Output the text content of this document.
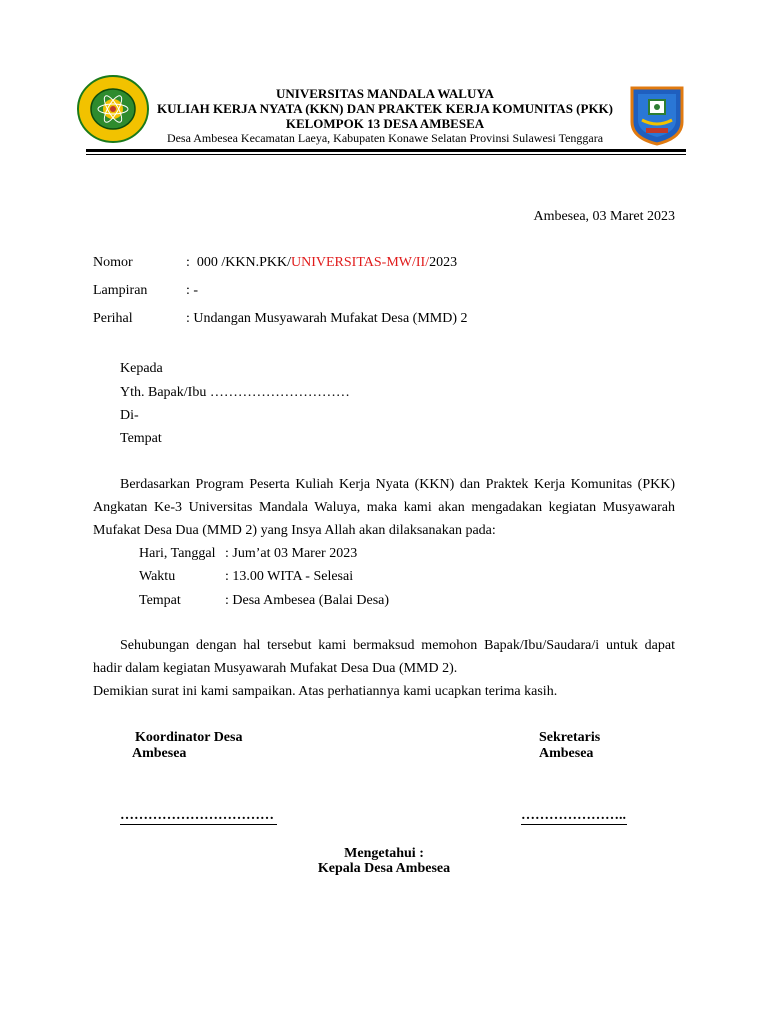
UNIVERSITAS MANDALA WALUYA
KULIAH KERJA NYATA (KKN) DAN PRAKTEK KERJA KOMUNITAS (PKK)
KELOMPOK 13 DESA AMBESEA
Desa Ambesea Kecamatan Laeya, Kabupaten Konawe Selatan Provinsi Sulawesi Tenggara
Ambesea, 03 Maret 2023
Nomor	: 000 /KKN.PKK/UNIVERSITAS-MW/II/2023
Lampiran	: -
Perihal	: Undangan Musyawarah Mufakat Desa (MMD) 2
Kepada
Yth. Bapak/Ibu …………………………
Di-
Tempat
Berdasarkan Program Peserta Kuliah Kerja Nyata (KKN) dan Praktek Kerja Komunitas (PKK)
Angkatan Ke-3 Universitas Mandala Waluya, maka kami akan mengadakan kegiatan Musyawarah
Mufakat Desa Dua (MMD 2) yang Insya Allah akan dilaksanakan pada:
Hari, Tanggal : Jum’at 03 Marer 2023
Waktu	: 13.00 WITA - Selesai
Tempat	: Desa Ambesea (Balai Desa)
Sehubungan dengan hal tersebut kami bermaksud memohon Bapak/Ibu/Saudara/i untuk dapat
hadir dalam kegiatan Musyawarah Mufakat Desa Dua (MMD 2).
Demikian surat ini kami sampaikan. Atas perhatiannya kami ucapkan terima kasih.
Koordinator Desa
Ambesea
Sekretaris
Ambesea
……………………………	…………………..
Mengetahui :
Kepala Desa Ambesea
